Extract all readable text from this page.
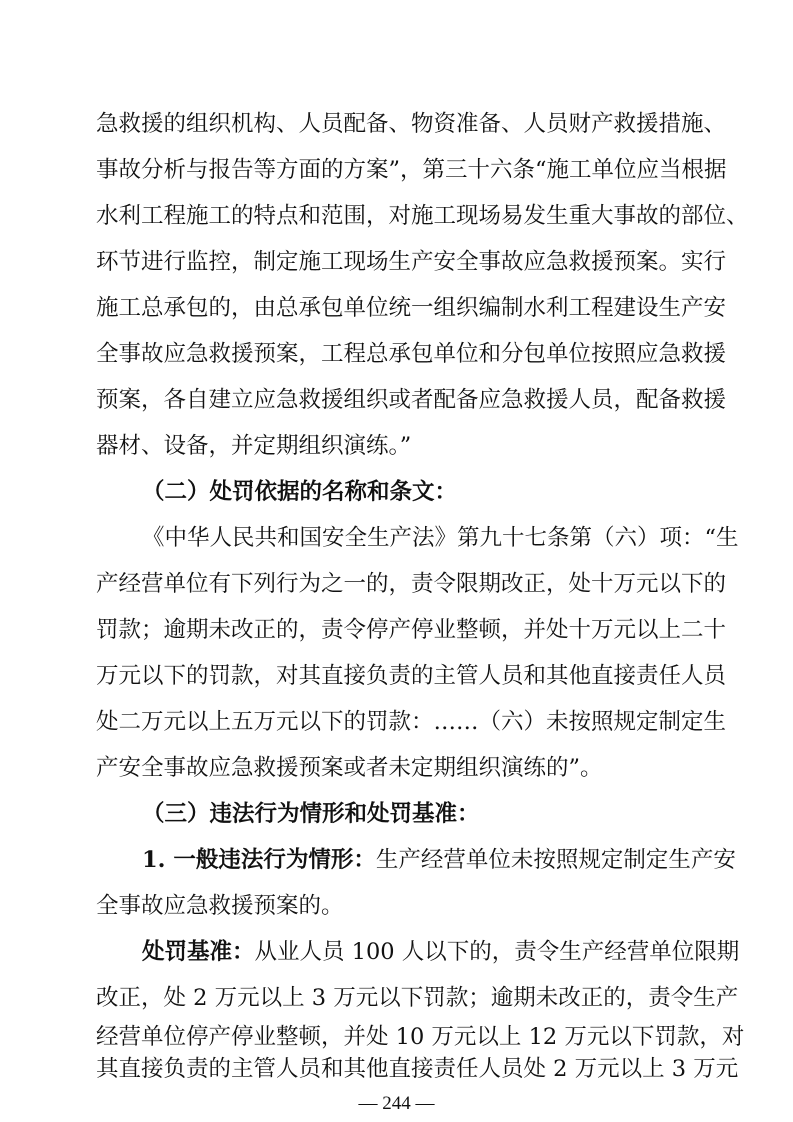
急救援的组织机构、人员配备、物资准备、人员财产救援措施、
事故分析与报告等方面的方案”，第三十六条“施工单位应当根据
水利工程施工的特点和范围，对施工现场易发生重大事故的部位、
环节进行监控，制定施工现场生产安全事故应急救援预案。实行
施工总承包的，由总承包单位统一组织编制水利工程建设生产安
全事故应急救援预案，工程总承包单位和分包单位按照应急救援
预案，各自建立应急救援组织或者配备应急救援人员，配备救援
器材、设备，并定期组织演练。”
（二）处罚依据的名称和条文：
《中华人民共和国安全生产法》第九十七条第（六）项：“生
产经营单位有下列行为之一的，责令限期改正，处十万元以下的
罚款；逾期未改正的，责令停产停业整顿，并处十万元以上二十
万元以下的罚款，对其直接负责的主管人员和其他直接责任人员
处二万元以上五万元以下的罚款：……（六）未按照规定制定生
产安全事故应急救援预案或者未定期组织演练的”。
（三）违法行为情形和处罚基准：
1. 一般违法行为情形：生产经营单位未按照规定制定生产安
全事故应急救援预案的。
处罚基准：从业人员 100 人以下的，责令生产经营单位限期
改正，处 2 万元以上 3 万元以下罚款；逾期未改正的，责令生产
经营单位停产停业整顿，并处 10 万元以上 12 万元以下罚款，对
其直接负责的主管人员和其他直接责任人员处 2 万元以上 3 万元
— 244 —
